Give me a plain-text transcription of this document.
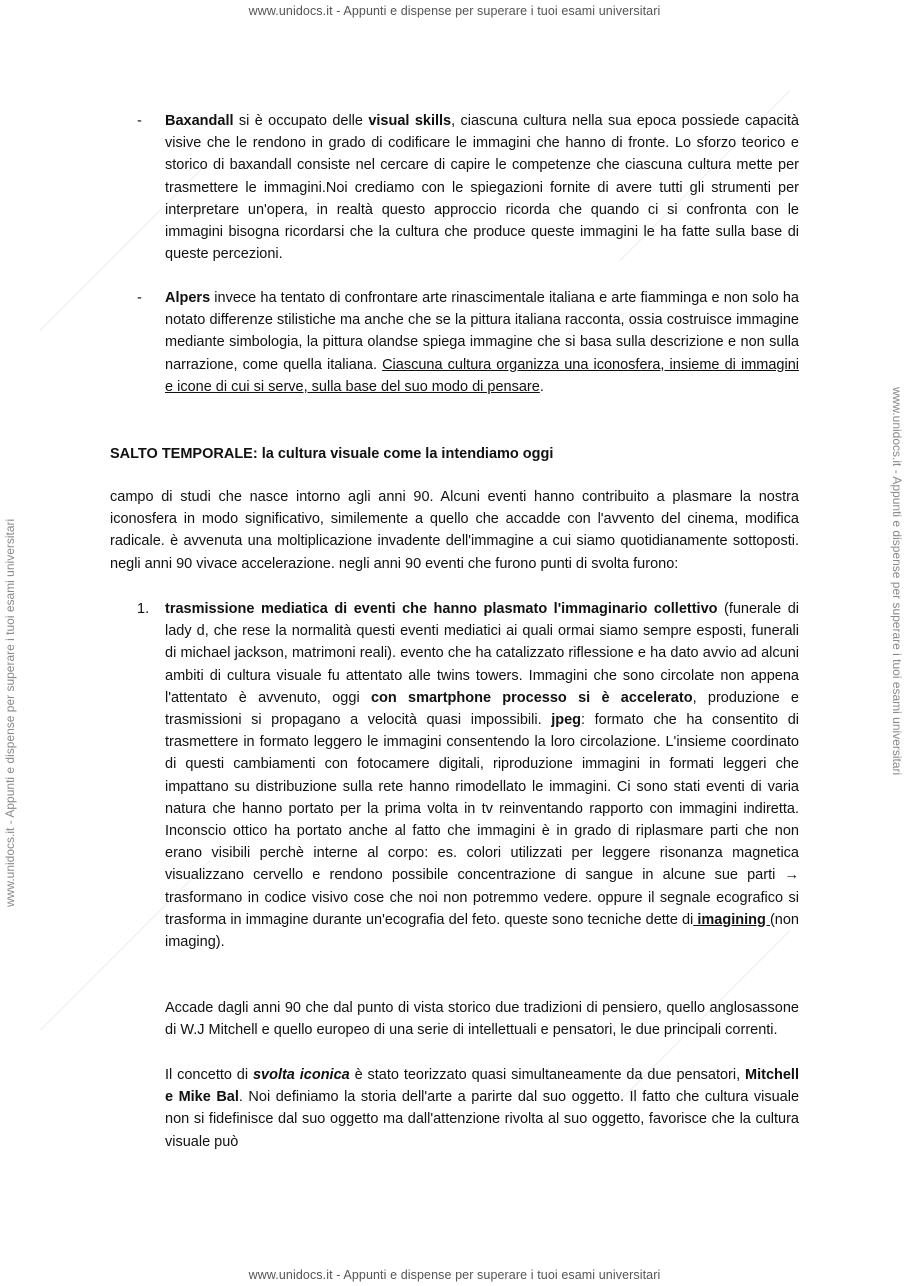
www.unidocs.it - Appunti e dispense per superare i tuoi esami universitari
www.unidocs.it - Appunti e dispense per superare i tuoi esami universitari	www.unidocs.it - Appunti e dispense per superare i tuoi esami universitari
- Baxandall si è occupato delle visual skills, ciascuna cultura nella sua epoca possiede capacità visive che le rendono in grado di codificare le immagini che hanno di fronte. Lo sforzo teorico e storico di baxandall consiste nel cercare di capire le competenze che ciascuna cultura mette per trasmettere le immagini.Noi crediamo con le spiegazioni fornite di avere tutti gli strumenti per interpretare un'opera, in realtà questo approccio ricorda che quando ci si confronta con le immagini bisogna ricordarsi che la cultura che produce queste immagini le ha fatte sulla base di queste percezioni.
- Alpers invece ha tentato di confrontare arte rinascimentale italiana e arte fiamminga e non solo ha notato differenze stilistiche ma anche che se la pittura italiana racconta, ossia costruisce immagine mediante simbologia, la pittura olandse spiega immagine che si basa sulla descrizione e non sulla narrazione, come quella italiana. Ciascuna cultura organizza una iconosfera, insieme di immagini e icone di cui si serve, sulla base del suo modo di pensare.
SALTO TEMPORALE: la cultura visuale come la intendiamo oggi
campo di studi che nasce intorno agli anni 90. Alcuni eventi hanno contribuito a plasmare la nostra iconosfera in modo significativo, simile​mente a quello che accadde con l'avvento del cinema, modifica radicale. è avvenuta una moltiplicazione invadente dell'immagine a cui siamo quotidianamente sottoposti. negli anni 90 vivace accelerazione. negli anni 90 eventi che furono punti di svolta furono:
1. trasmissione mediatica di eventi che hanno plasmato l'immaginario collettivo (funerale di lady d, che rese la normalità questi eventi mediatici ai quali ormai siamo sempre esposti, funerali di michael jackson, matrimoni reali). evento che ha catalizzato riflessione e ha dato avvio ad alcuni ambiti di cultura visuale fu attentato alle twins towers. Immagini che sono circolate non appena l'attentato è avvenuto, oggi con smartphone processo si è accelerato, produzione e trasmissioni si propagano a velocità quasi impossibili. jpeg: formato che ha consentito di trasmettere in formato leggero le immagini consentendo la loro circolazione. L'insieme coordinato di questi cambiamenti con fotocamere digitali, riproduzione immagini in formati leggeri che impattano su distribuzione sulla rete hanno rimodellato le immagini. Ci sono stati eventi di varia natura che hanno portato per la prima volta in tv reinventando rapporto con immagini indiretta. Inconscio ottico ha portato anche al fatto che immagini è in grado di riplasmare parti che non erano visibili perchè interne al corpo: es. colori utilizzati per leggere risonanza magnetica visualizzano cervello e rendono possibile concentrazione di sangue in alcune sue parti → trasformano in codice visivo cose che noi non potremmo vedere. oppure il segnale ecografico si trasforma in immagine durante un'ecografia del feto. queste sono tecniche dette di imagining (non imaging).
Accade dagli anni 90 che dal punto di vista storico due tradizioni di pensiero, quello anglosassone di W.J Mitchell e quello europeo di una serie di intellettuali e pensatori, le due principali correnti.
Il concetto di svolta iconica è stato teorizzato quasi simultaneamente da due pensatori, Mitchell e Mike Bal. Noi definiamo la storia dell'arte a parirte dal suo oggetto. Il fatto che cultura visuale non si fidefinisce dal suo oggetto ma dall'attenzione rivolta al suo oggetto, favorisce che la cultura visuale può
www.unidocs.it - Appunti e dispense per superare i tuoi esami universitari
